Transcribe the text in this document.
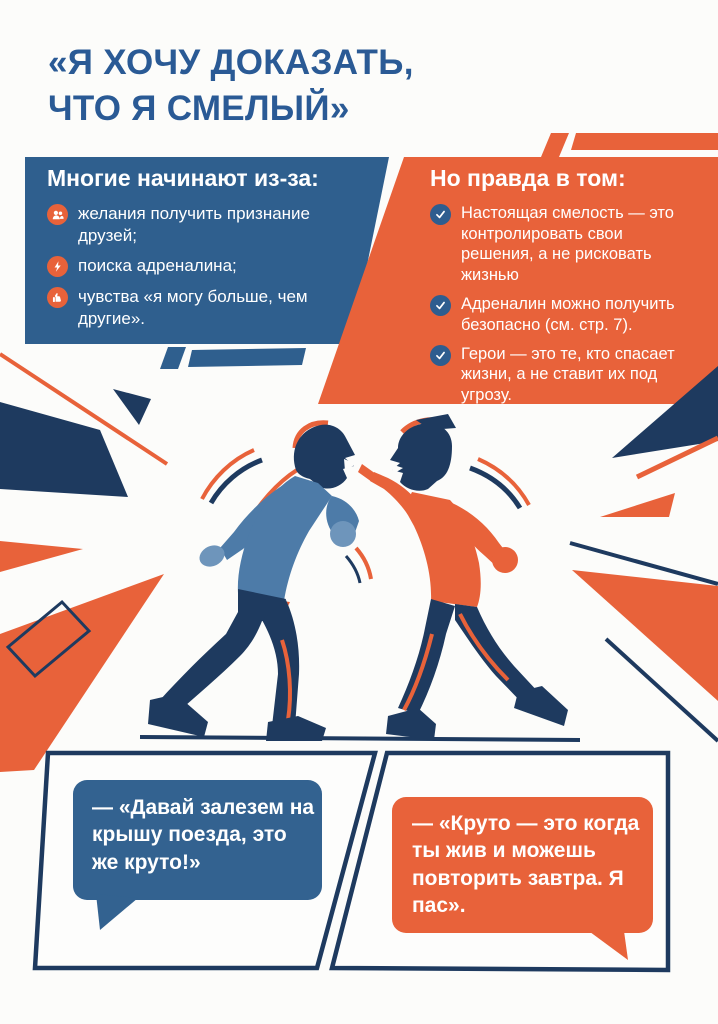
«Я ХОЧУ ДОКАЗАТЬ,
ЧТО Я СМЕЛЫЙ»
Многие начинают из-за:
желания получить признание друзей;
поиска адреналина;
чувства «я могу больше, чем другие».
Но правда в том:
Настоящая смелость — это контролировать свои решения, а не рисковать жизнью
Адреналин можно получить безопасно (см. стр. 7).
Герои — это те, кто спасает жизни, а не ставит их под угрозу.
— «Давай залезем на крышу поезда, это же круто!»
— «Круто — это когда ты жив и можешь повторить завтра. Я пас».
